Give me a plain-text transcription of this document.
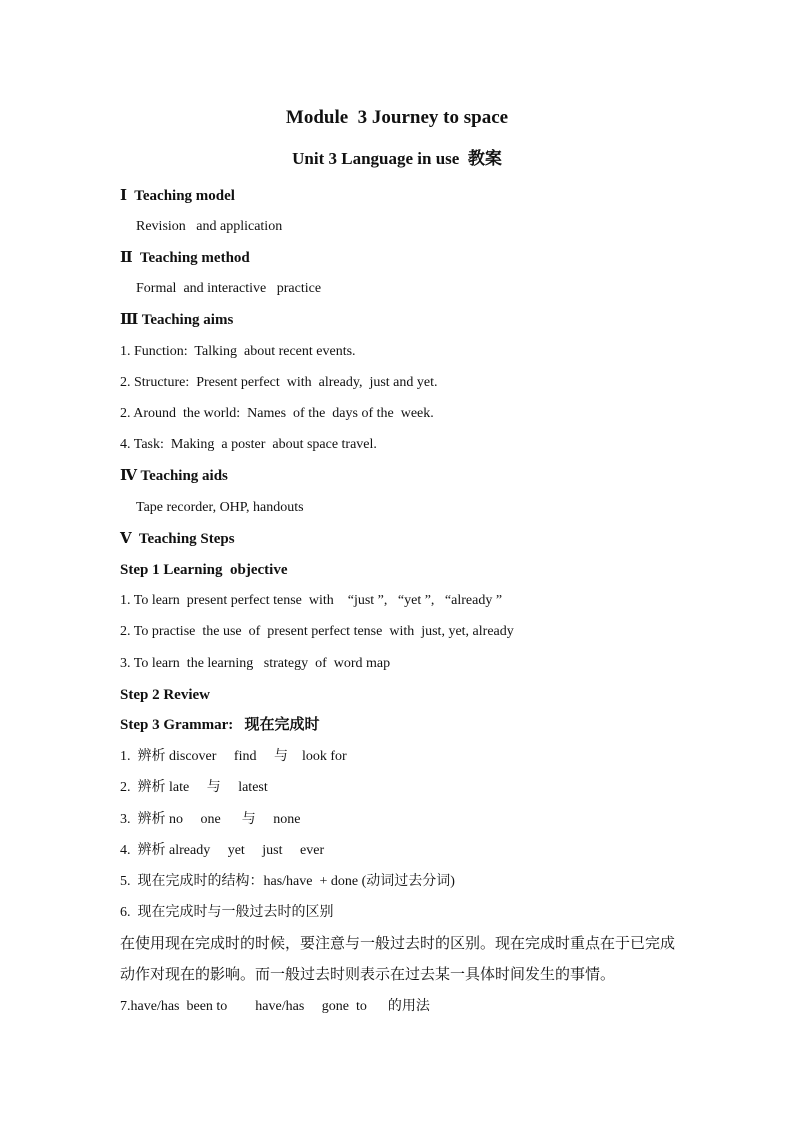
Module  3 Journey to space
Unit 3 Language in use  教案
Ⅰ  Teaching model
Revision   and application
Ⅱ  Teaching method
Formal  and interactive   practice
Ⅲ Teaching aims
1. Function:  Talking  about recent events.
2. Structure:  Present perfect  with  already,  just and yet.
2. Around  the world:  Names  of the  days of the  week.
4. Task:  Making  a poster  about space travel.
Ⅳ Teaching aids
Tape recorder, OHP, handouts
Ⅴ  Teaching Steps
Step 1 Learning  objective
1. To learn  present perfect tense  with    “just ”,   “yet ”,   “already ”
2. To practise  the use  of  present perfect tense  with  just, yet, already
3. To learn  the learning   strategy  of  word map
Step 2 Review
Step 3 Grammar:   现在完成时
1.  辨析 discover     find     与    look for
2.  辨析 late     与     latest
3.  辨析 no     one      与     none
4.  辨析 already     yet     just     ever
5.  现在完成时的结构：has/have  + done (动词过去分词)
6.  现在完成时与一般过去时的区别
在使用现在完成时的时候，要注意与一般过去时的区别。现在完成时重点在于已完成动作对现在的影响。而一般过去时则表示在过去某一具体时间发生的事情。
7.have/has  been to        have/has     gone  to      的用法
